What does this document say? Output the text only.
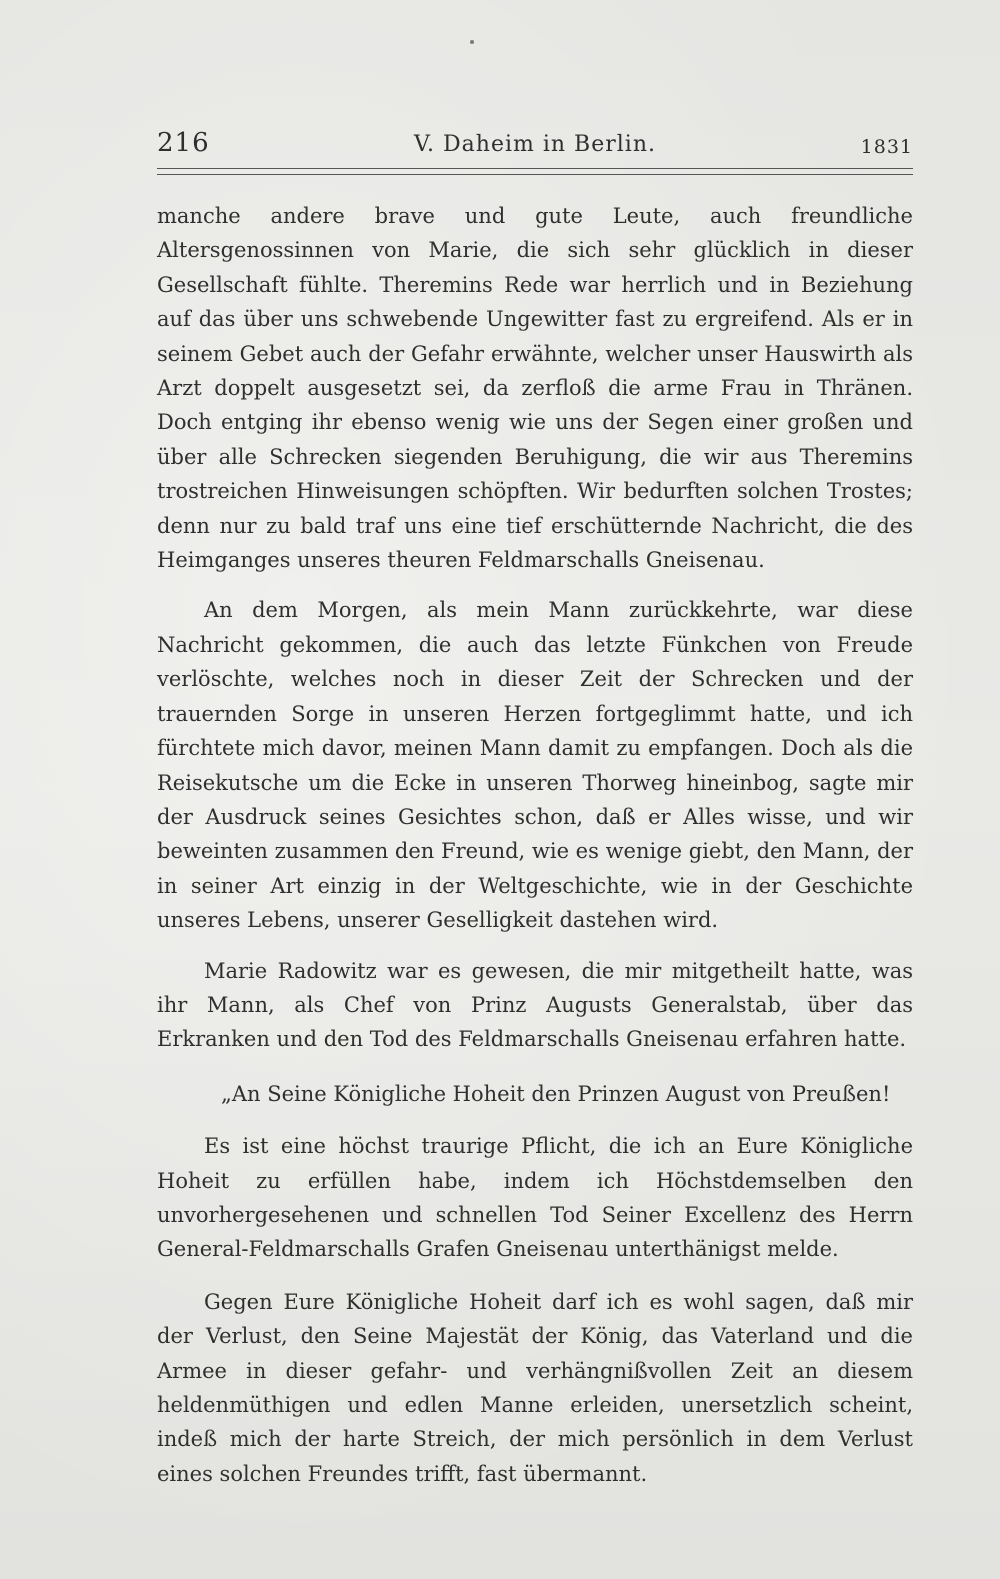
216	V. Daheim in Berlin.	1831

manche andere brave und gute Leute, auch freundliche Altersgenossinnen von Marie, die sich sehr glücklich in dieser Gesellschaft fühlte. Theremins Rede war herrlich und in Beziehung auf das über uns schwebende Ungewitter fast zu ergreifend. Als er in seinem Gebet auch der Gefahr erwähnte, welcher unser Hauswirth als Arzt doppelt ausgesetzt sei, da zerfloß die arme Frau in Thränen. Doch entging ihr ebenso wenig wie uns der Segen einer großen und über alle Schrecken siegenden Beruhigung, die wir aus Theremins trostreichen Hinweisungen schöpften. Wir bedurften solchen Trostes; denn nur zu bald traf uns eine tief erschütternde Nachricht, die des Heimganges unseres theuren Feldmarschalls Gneisenau.

An dem Morgen, als mein Mann zurückkehrte, war diese Nachricht gekommen, die auch das letzte Fünkchen von Freude verlöschte, welches noch in dieser Zeit der Schrecken und der trauernden Sorge in unseren Herzen fortgeglimmt hatte, und ich fürchtete mich davor, meinen Mann damit zu empfangen. Doch als die Reisekutsche um die Ecke in unseren Thorweg hineinbog, sagte mir der Ausdruck seines Gesichtes schon, daß er Alles wisse, und wir beweinten zusammen den Freund, wie es wenige giebt, den Mann, der in seiner Art einzig in der Weltgeschichte, wie in der Geschichte unseres Lebens, unserer Geselligkeit dastehen wird.

Marie Radowitz war es gewesen, die mir mitgetheilt hatte, was ihr Mann, als Chef von Prinz Augusts Generalstab, über das Erkranken und den Tod des Feldmarschalls Gneisenau erfahren hatte.

„An Seine Königliche Hoheit den Prinzen August von Preußen!

Es ist eine höchst traurige Pflicht, die ich an Eure Königliche Hoheit zu erfüllen habe, indem ich Höchstdemselben den unvorhergesehenen und schnellen Tod Seiner Excellenz des Herrn General-Feldmarschalls Grafen Gneisenau unterthänigst melde.

Gegen Eure Königliche Hoheit darf ich es wohl sagen, daß mir der Verlust, den Seine Majestät der König, das Vaterland und die Armee in dieser gefahr- und verhängnißvollen Zeit an diesem heldenmüthigen und edlen Manne erleiden, unersetzlich scheint, indeß mich der harte Streich, der mich persönlich in dem Verlust eines solchen Freundes trifft, fast übermannt.
